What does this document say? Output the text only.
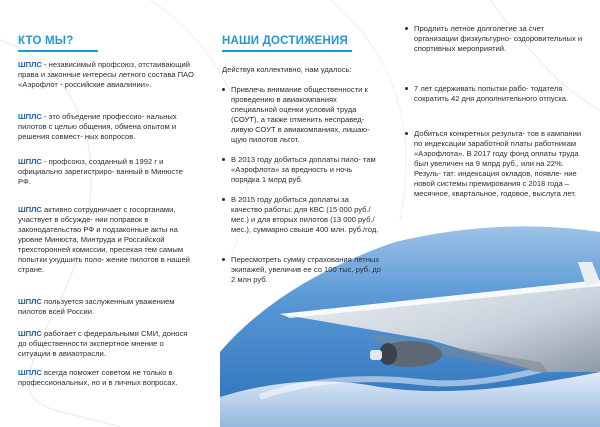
КТО МЫ?

ШПЛС - независимый профсоюз, отстаивающий права и законные интересы летного состава ПАО «Аэрофлот - российские авиалинии».

ШПЛС - это объедение профессио- нальных пилотов с целью общения, обмена опытом и решения совмест- ных вопросов.

ШПЛС - профсоюз, созданный в 1992 г и официально зарегистриро- ванный в Минюсте РФ.

ШПЛС активно сотрудничает с госорганами, участвует в обсужде- нии поправок в законодательство РФ и подзаконные акты на уровне Минюста, Минтруда и Российской трехсторонней комиссии, пресекая тем самым попытки ухудшить поло- жение пилотов в нашей стране.

ШПЛС пользуется заслуженным уважением пилотов всей России.

ШПЛС работает с федеральными СМИ, донося до общественности экспертное мнение о ситуации в авиаотрасли.

ШПЛС всегда поможет советом не только в профессиональных, но и в личных вопросах.

НАШИ ДОСТИЖЕНИЯ
Действуя коллективно, нам удалось:
Привлечь внимание общественности к проведению в авиакомпаниях специальной оценки условий труда (СОУТ), а также отменить несправед- ливую СОУТ в авиакомпаниях, лишаю- щую пилотов льгот.
В 2013 году добиться доплаты пило- там «Аэрофлота» за вредность и ночь порядка 1 млрд руб.
В 2015 году добиться доплаты за качество работы: для КВС (15 000 руб./мес.) и для вторых пилотов (13 000 руб./мес.), суммарно свыше 400 млн. руб./год.
Пересмотреть сумму страхования летных экипажей, увеличив ее со 100 тыс. руб. до 2 млн руб.
Продлить летное долголетие за счет организации физкультурно- оздоровительных и спортивных мероприятий.
7 лет сдерживать попытки рабо- тодателя сократить 42 дня дополнительного отпуска.
Добиться конкретных результа- тов в кампании по индексации заработной платы работникам «Аэрофлота». В 2017 году фонд оплаты труда был увеличен на 9 млрд руб., или на 22%. Резуль- тат: индексация окладов, появле- ние новой системы премирования с 2018 года – месячное, квартальное, годовое, выслуга лет.
